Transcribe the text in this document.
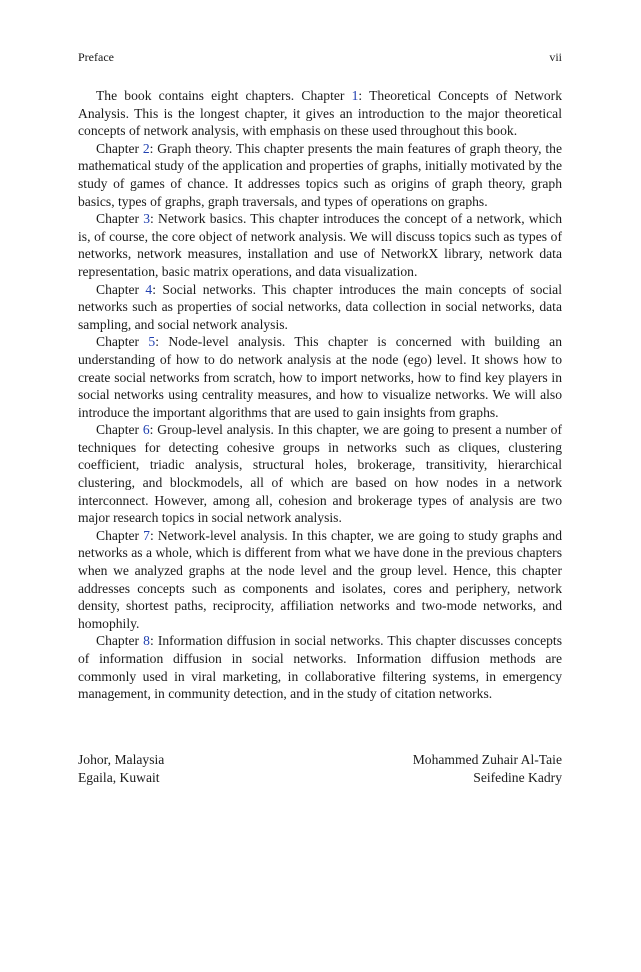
Preface	vii

The book contains eight chapters. Chapter 1: Theoretical Concepts of Network Analysis. This is the longest chapter, it gives an introduction to the major theoretical concepts of network analysis, with emphasis on these used throughout this book.

Chapter 2: Graph theory. This chapter presents the main features of graph theory, the mathematical study of the application and properties of graphs, initially motivated by the study of games of chance. It addresses topics such as origins of graph theory, graph basics, types of graphs, graph traversals, and types of operations on graphs.

Chapter 3: Network basics. This chapter introduces the concept of a network, which is, of course, the core object of network analysis. We will discuss topics such as types of networks, network measures, installation and use of NetworkX library, network data representation, basic matrix operations, and data visualization.

Chapter 4: Social networks. This chapter introduces the main concepts of social networks such as properties of social networks, data collection in social networks, data sampling, and social network analysis.

Chapter 5: Node-level analysis. This chapter is concerned with building an understanding of how to do network analysis at the node (ego) level. It shows how to create social networks from scratch, how to import networks, how to find key players in social networks using centrality measures, and how to visualize networks. We will also introduce the important algorithms that are used to gain insights from graphs.

Chapter 6: Group-level analysis. In this chapter, we are going to present a number of techniques for detecting cohesive groups in networks such as cliques, clustering coefficient, triadic analysis, structural holes, brokerage, transitivity, hierarchical clustering, and blockmodels, all of which are based on how nodes in a network interconnect. However, among all, cohesion and brokerage types of analysis are two major research topics in social network analysis.

Chapter 7: Network-level analysis. In this chapter, we are going to study graphs and networks as a whole, which is different from what we have done in the previous chapters when we analyzed graphs at the node level and the group level. Hence, this chapter addresses concepts such as components and isolates, cores and periphery, network density, shortest paths, reciprocity, affiliation networks and two-mode networks, and homophily.

Chapter 8: Information diffusion in social networks. This chapter discusses concepts of information diffusion in social networks. Information diffusion methods are commonly used in viral marketing, in collaborative filtering systems, in emergency management, in community detection, and in the study of citation networks.

Johor, Malaysia	Mohammed Zuhair Al-Taie
Egaila, Kuwait	Seifedine Kadry
